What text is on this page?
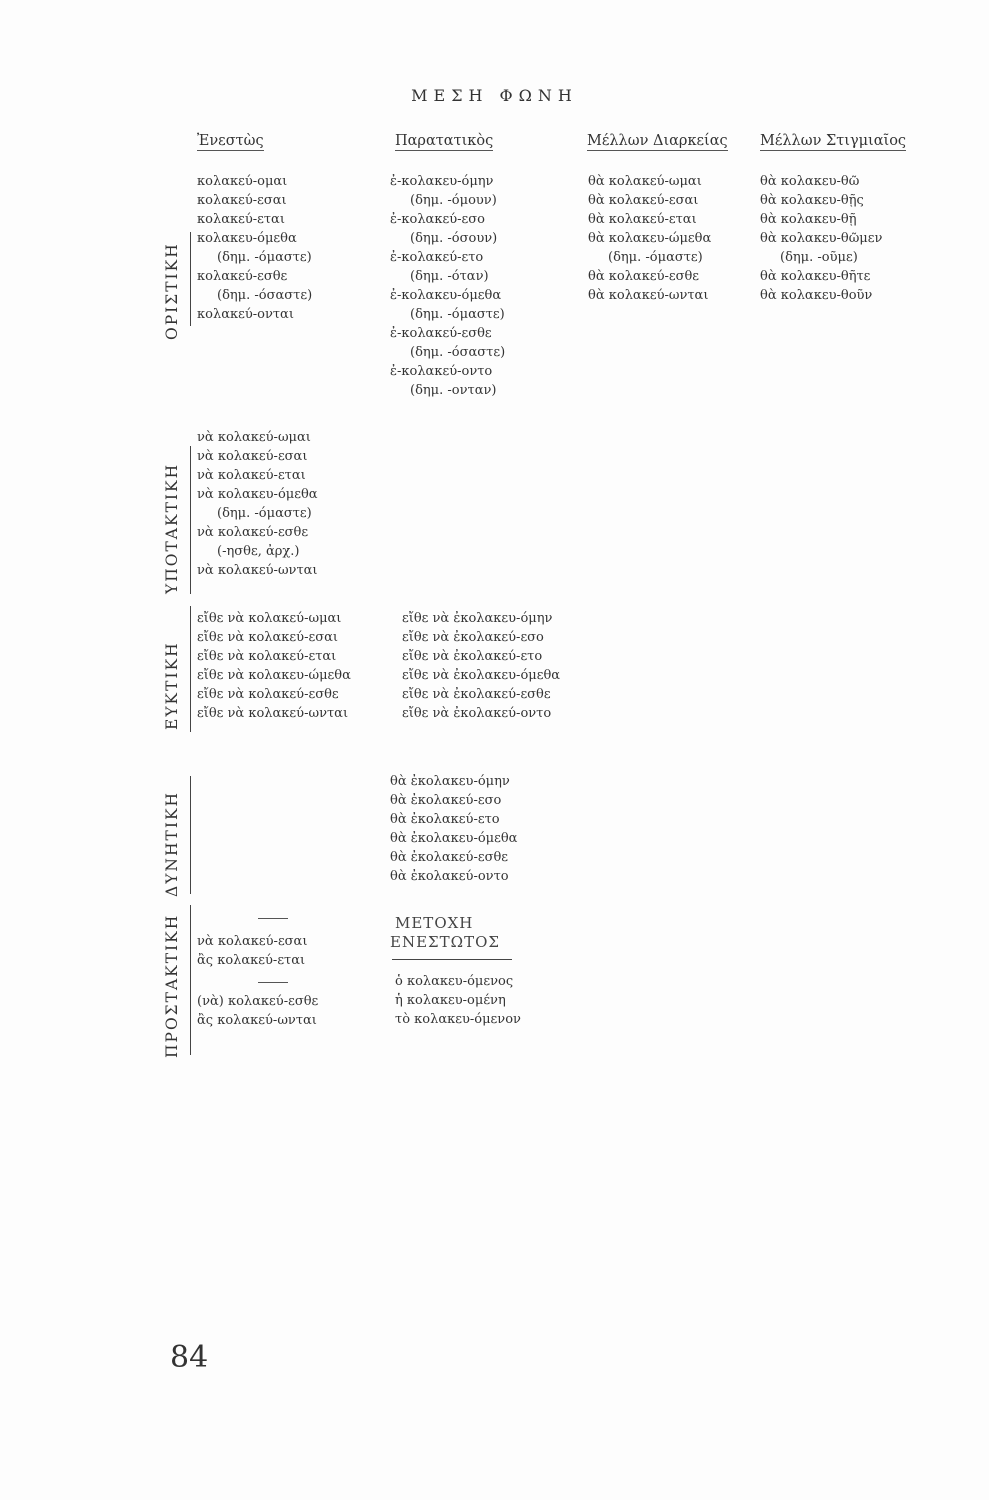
ΜΕΣΗ ΦΩΝΗ
Ἐνεστὼς	Παρατατικὸς	Μέλλων Διαρκείας Μέλλων Στιγμιαῖος
ΟΡΙΣΤΙΚΗ
κολακεύ-ομαι
κολακεύ-εσαι
κολακεύ-εται
κολακευ-όμεθα
(δημ. -όμαστε)
κολακεύ-εσθε
(δημ. -όσαστε)
κολακεύ-ονται
ἐ-κολακευ-όμην
(δημ. -όμουν)
ἐ-κολακεύ-εσο
(δημ. -όσουν)
ἐ-κολακεύ-ετο
(δημ. -όταν)
ἐ-κολακευ-όμεθα
(δημ. -όμαστε)
ἐ-κολακεύ-εσθε
(δημ. -όσαστε)
ἐ-κολακεύ-οντο
(δημ. -ονταν)
θὰ κολακεύ-ωμαι
θὰ κολακεύ-εσαι
θὰ κολακεύ-εται
θὰ κολακευ-ώμεθα
(δημ. -όμαστε)
θὰ κολακεύ-εσθε
θὰ κολακεύ-ωνται
θὰ κολακευ-θῶ
θὰ κολακευ-θῇς
θὰ κολακευ-θῇ
θὰ κολακευ-θῶμεν
(δημ. -οῦμε)
θὰ κολακευ-θῆτε
θὰ κολακευ-θοῦν
ΥΠΟΤΑΚΤΙΚΗ
νὰ κολακεύ-ωμαι
νὰ κολακεύ-εσαι
νὰ κολακεύ-εται
νὰ κολακευ-όμεθα
(δημ. -όμαστε)
νὰ κολακεύ-εσθε
(-ησθε, ἀρχ.)
νὰ κολακεύ-ωνται
ΕΥΚΤΙΚΗ
εἴθε νὰ κολακεύ-ωμαι
εἴθε νὰ κολακεύ-εσαι
εἴθε νὰ κολακεύ-εται
εἴθε νὰ κολακευ-ώμεθα
εἴθε νὰ κολακεύ-εσθε
εἴθε νὰ κολακεύ-ωνται
εἴθε νὰ ἐκολακευ-όμην
εἴθε νὰ ἐκολακεύ-εσο
εἴθε νὰ ἐκολακεύ-ετο
εἴθε νὰ ἐκολακευ-όμεθα
εἴθε νὰ ἐκολακεύ-εσθε
εἴθε νὰ ἐκολακεύ-οντο
ΔΥΝΗΤΙΚΗ
θὰ ἐκολακευ-όμην
θὰ ἐκολακεύ-εσο
θὰ ἐκολακεύ-ετο
θὰ ἐκολακευ-όμεθα
θὰ ἐκολακεύ-εσθε
θὰ ἐκολακεύ-οντο
ΠΡΟΣΤΑΚΤΙΚΗ νὰ κολακεύ-εσαι
ἂς κολακεύ-εται
(νὰ) κολακεύ-εσθε
ἂς κολακεύ-ωνται
ΜΕΤΟΧΗ
ΕΝΕΣΤΩΤΟΣ
ὁ κολακευ-όμενος
ἡ κολακευ-ομένη
τὸ κολακευ-όμενον
84
